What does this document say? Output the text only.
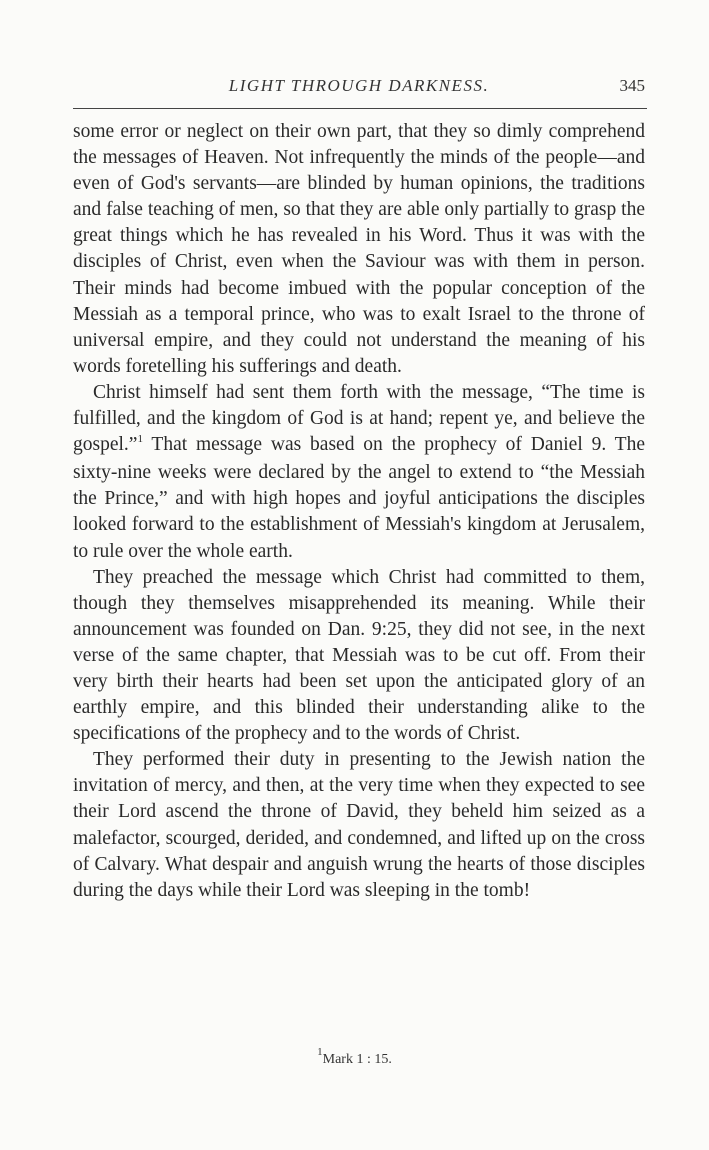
LIGHT THROUGH DARKNESS.	345

some error or neglect on their own part, that they so dimly comprehend the messages of Heaven. Not infrequently the minds of the people—and even of God's servants—are blinded by human opinions, the traditions and false teaching of men, so that they are able only partially to grasp the great things which he has revealed in his Word. Thus it was with the disciples of Christ, even when the Saviour was with them in person. Their minds had become imbued with the popular conception of the Messiah as a temporal prince, who was to exalt Israel to the throne of universal empire, and they could not understand the meaning of his words foretelling his sufferings and death.

Christ himself had sent them forth with the message, “The time is fulfilled, and the kingdom of God is at hand; repent ye, and believe the gospel.”$^1$ That message was based on the prophecy of Daniel 9. The sixty-nine weeks were declared by the angel to extend to “the Messiah the Prince,” and with high hopes and joyful anticipations the disciples looked forward to the establishment of Messiah's kingdom at Jerusalem, to rule over the whole earth.

They preached the message which Christ had committed to them, though they themselves misapprehended its meaning. While their announcement was founded on Dan. 9:25, they did not see, in the next verse of the same chapter, that Messiah was to be cut off. From their very birth their hearts had been set upon the anticipated glory of an earthly empire, and this blinded their understanding alike to the specifications of the prophecy and to the words of Christ.

They performed their duty in presenting to the Jewish nation the invitation of mercy, and then, at the very time when they expected to see their Lord ascend the throne of David, they beheld him seized as a malefactor, scourged, derided, and condemned, and lifted up on the cross of Calvary. What despair and anguish wrung the hearts of those disciples during the days while their Lord was sleeping in the tomb!

$^1$Mark 1 : 15.
